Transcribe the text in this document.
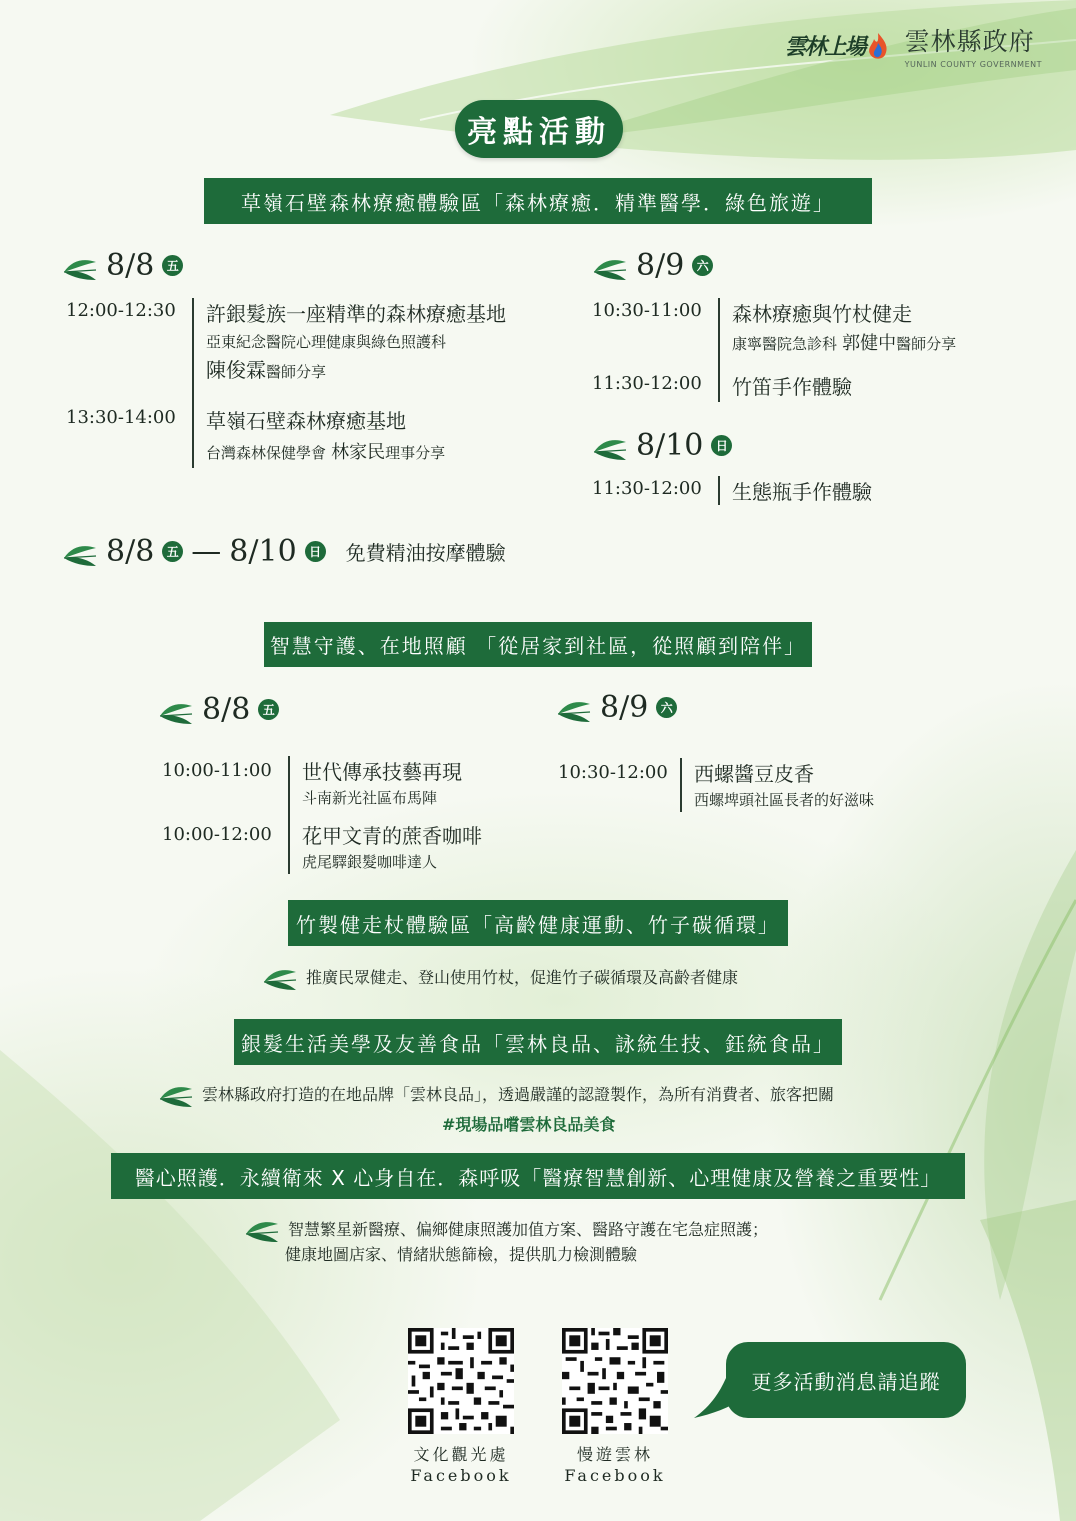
雲林上場 雲林縣政府
YUNLIN COUNTY GOVERNMENT
亮點活動
草嶺石壁森林療癒體驗區「森林療癒．精準醫學．綠色旅遊」
8/8	五
12:00-12:30	許銀髮族一座精準的森林療癒基地
亞東紀念醫院心理健康與綠色照護科
陳俊霖醫師分享
13:30-14:00	草嶺石壁森林療癒基地
台灣森林保健學會 林家民理事分享
8/9	六
10:30-11:00	森林療癒與竹杖健走
康寧醫院急診科 郭健中醫師分享
11:30-12:00	竹笛手作體驗
8/10	日
11:30-12:00	生態瓶手作體驗
8/8	五 — 8/10	日 免費精油按摩體驗
智慧守護、在地照顧 「從居家到社區，從照顧到陪伴」
8/8	五
10:00-11:00	世代傳承技藝再現
斗南新光社區布馬陣
10:00-12:00	花甲文青的蔗香咖啡
虎尾驛銀髮咖啡達人
8/9	六
10:30-12:00	西螺醬豆皮香
西螺埤頭社區長者的好滋味
竹製健走杖體驗區「高齡健康運動、竹子碳循環」
推廣民眾健走、登山使用竹杖，促進竹子碳循環及高齡者健康
銀髮生活美學及友善食品「雲林良品、詠統生技、鈺統食品」
雲林縣政府打造的在地品牌「雲林良品」，透過嚴謹的認證製作，為所有消費者、旅客把關
#現場品嚐雲林良品美食
醫心照護．永續衛來 X 心身自在．森呼吸「醫療智慧創新、心理健康及營養之重要性」
智慧繁星新醫療、偏鄉健康照護加值方案、醫路守護在宅急症照護；
健康地圖店家、情緒狀態篩檢，提供肌力檢測體驗
文化觀光處
Facebook
慢遊雲林
Facebook
更多活動消息請追蹤
